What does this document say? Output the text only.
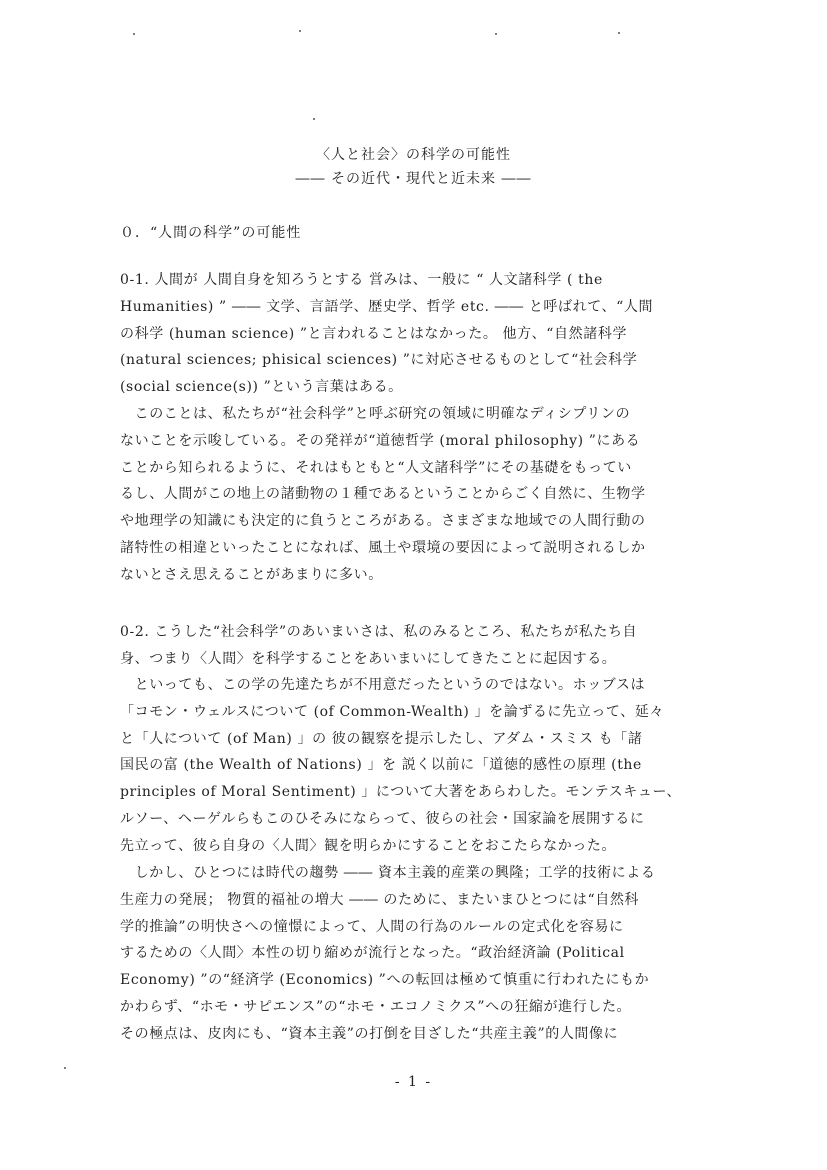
〈人と社会〉の科学の可能性
―― その近代・現代と近未来 ――
０．“人間の科学”の可能性
0-1. 人間が 人間自身を知ろうとする 営みは、一般に “ 人文諸科学 ( the
Humanities) ” ―― 文学、言語学、歴史学、哲学 etc. ―― と呼ばれて、“人間
の科学 (human science) ”と言われることはなかった。 他方、“自然諸科学
(natural sciences; phisical sciences) ”に対応させるものとして“社会科学
(social science(s)) ”という言葉はある。
　このことは、私たちが“社会科学”と呼ぶ研究の領域に明確なディシプリンの
ないことを示唆している。その発祥が“道徳哲学 (moral philosophy) ”にある
ことから知られるように、それはもともと“人文諸科学”にその基礎をもってい
るし、人間がこの地上の諸動物の１種であるということからごく自然に、生物学
や地理学の知識にも決定的に負うところがある。さまざまな地域での人間行動の
諸特性の相違といったことになれば、風土や環境の要因によって説明されるしか
ないとさえ思えることがあまりに多い。
0-2. こうした“社会科学”のあいまいさは、私のみるところ、私たちが私たち自
身、つまり〈人間〉を科学することをあいまいにしてきたことに起因する。
　といっても、この学の先達たちが不用意だったというのではない。ホッブスは
「コモン・ウェルスについて (of Common-Wealth) 」を論ずるに先立って、延々
と「人について (of Man) 」の 彼の観察を提示したし、アダム・スミス も「諸
国民の富 (the Wealth of Nations) 」を 説く以前に「道徳的感性の原理 (the
principles of Moral Sentiment) 」について大著をあらわした。モンテスキュー、
ルソー、ヘーゲルらもこのひそみにならって、彼らの社会・国家論を展開するに
先立って、彼ら自身の〈人間〉観を明らかにすることをおこたらなかった。
　しかし、ひとつには時代の趨勢 ―― 資本主義的産業の興隆；工学的技術による
生産力の発展； 物質的福祉の増大 ―― のために、またいまひとつには“自然科
学的推論”の明快さへの憧憬によって、人間の行為のルールの定式化を容易に
するための〈人間〉本性の切り縮めが流行となった。“政治経済論 (Political
Economy) ”の“経済学 (Economics) ”への転回は極めて慎重に行われたにもか
かわらず、“ホモ・サピエンス”の“ホモ・エコノミクス”への狂縮が進行した。
その極点は、皮肉にも、“資本主義”の打倒を目ざした“共産主義”的人間像に
- 1 -
